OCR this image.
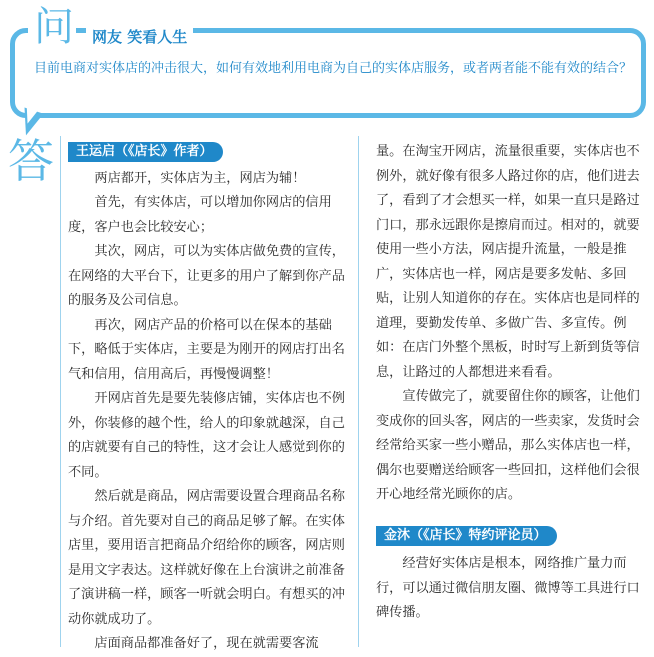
问	网友 笑看人生
目前电商对实体店的冲击很大，如何有效地利用电商为自己的实体店服务，或者两者能不能有效的结合？
答	王运启（《店长》作者）

两店都开，实体店为主，网店为辅！

首先，有实体店，可以增加你网店的信用度，客户也会比较安心；

其次，网店，可以为实体店做免费的宣传，在网络的大平台下，让更多的用户了解到你产品的服务及公司信息。

再次，网店产品的价格可以在保本的基础下，略低于实体店，主要是为刚开的网店打出名气和信用，信用高后，再慢慢调整！

开网店首先是要先装修店铺，实体店也不例外，你装修的越个性，给人的印象就越深，自己的店就要有自己的特性，这才会让人感觉到你的不同。

然后就是商品，网店需要设置合理商品名称与介绍。首先要对自己的商品足够了解。在实体店里，要用语言把商品介绍给你的顾客，网店则是用文字表达。这样就好像在上台演讲之前准备了演讲稿一样，顾客一听就会明白。有想买的冲动你就成功了。

店面商品都准备好了，现在就需要客流

量。在淘宝开网店，流量很重要，实体店也不例外，就好像有很多人路过你的店，他们进去了，看到了才会想买一样，如果一直只是路过门口，那永远跟你是擦肩而过。相对的，就要使用一些小方法，网店提升流量，一般是推广，实体店也一样，网店是要多发帖、多回贴，让别人知道你的存在。实体店也是同样的道理，要勤发传单、多做广告、多宣传。例如：在店门外整个黑板，时时写上新到货等信息，让路过的人都想进来看看。

宣传做完了，就要留住你的顾客，让他们变成你的回头客，网店的一些卖家，发货时会经常给买家一些小赠品，那么实体店也一样，偶尔也要赠送给顾客一些回扣，这样他们会很开心地经常光顾你的店。

金沐（《店长》特约评论员）

经营好实体店是根本，网络推广量力而行，可以通过微信朋友圈、微博等工具进行口碑传播。
